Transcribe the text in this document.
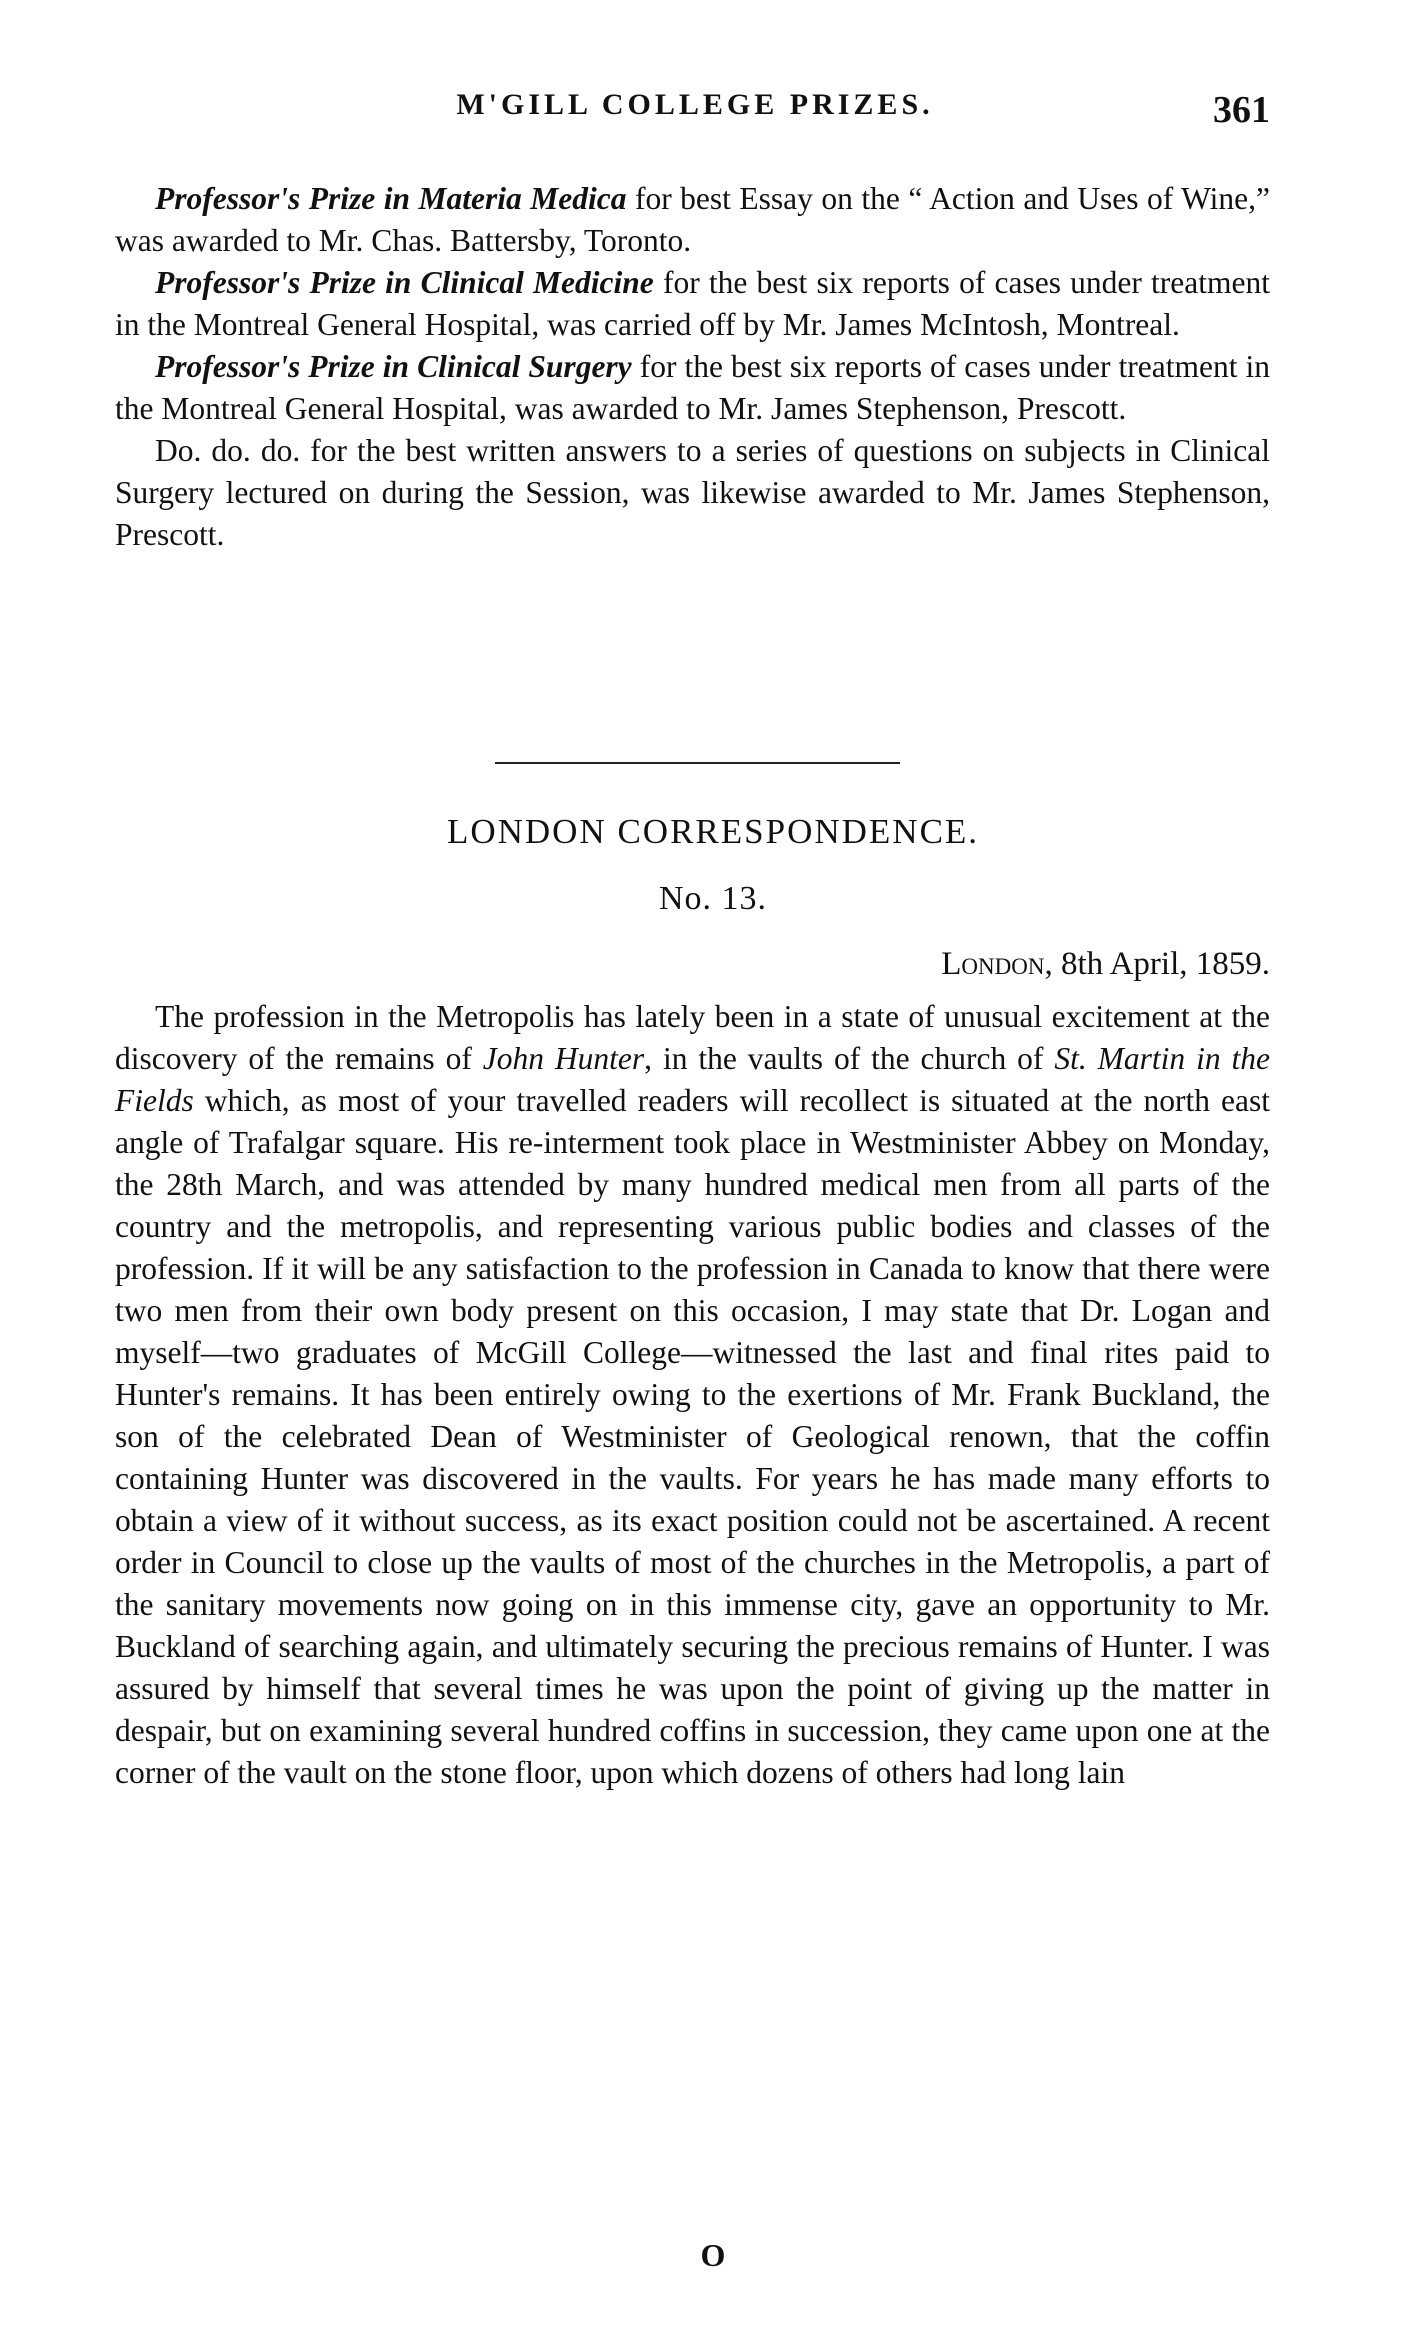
M'GILL COLLEGE PRIZES.	361

Professor's Prize in Materia Medica for best Essay on the “ Action and Uses of Wine,” was awarded to Mr. Chas. Battersby, Toronto.

Professor's Prize in Clinical Medicine for the best six reports of cases under treatment in the Montreal General Hospital, was carried off by Mr. James McIntosh, Montreal.

Professor's Prize in Clinical Surgery for the best six reports of cases under treatment in the Montreal General Hospital, was awarded to Mr. James Stephenson, Prescott.

Do. do. do. for the best written answers to a series of questions on subjects in Clinical Surgery lectured on during the Session, was likewise awarded to Mr. James Stephenson, Prescott.

LONDON CORRESPONDENCE.
No. 13.
London, 8th April, 1859.

The profession in the Metropolis has lately been in a state of unusual excitement at the discovery of the remains of John Hunter, in the vaults of the church of St. Martin in the Fields which, as most of your travelled readers will recollect is situated at the north east angle of Trafalgar square. His re-interment took place in Westminister Abbey on Monday, the 28th March, and was attended by many hundred medical men from all parts of the country and the metropolis, and representing various public bodies and classes of the profession. If it will be any satisfaction to the profession in Canada to know that there were two men from their own body present on this occasion, I may state that Dr. Logan and myself—two graduates of McGill College—witnessed the last and final rites paid to Hunter's remains. It has been entirely owing to the exertions of Mr. Frank Buckland, the son of the celebrated Dean of Westminister of Geological renown, that the coffin containing Hunter was discovered in the vaults. For years he has made many efforts to obtain a view of it without success, as its exact position could not be ascertained. A recent order in Council to close up the vaults of most of the churches in the Metropolis, a part of the sanitary movements now going on in this immense city, gave an opportunity to Mr. Buckland of searching again, and ultimately securing the precious remains of Hunter. I was assured by himself that several times he was upon the point of giving up the matter in despair, but on examining several hundred coffins in succession, they came upon one at the corner of the vault on the stone floor, upon which dozens of others had long lain

O
